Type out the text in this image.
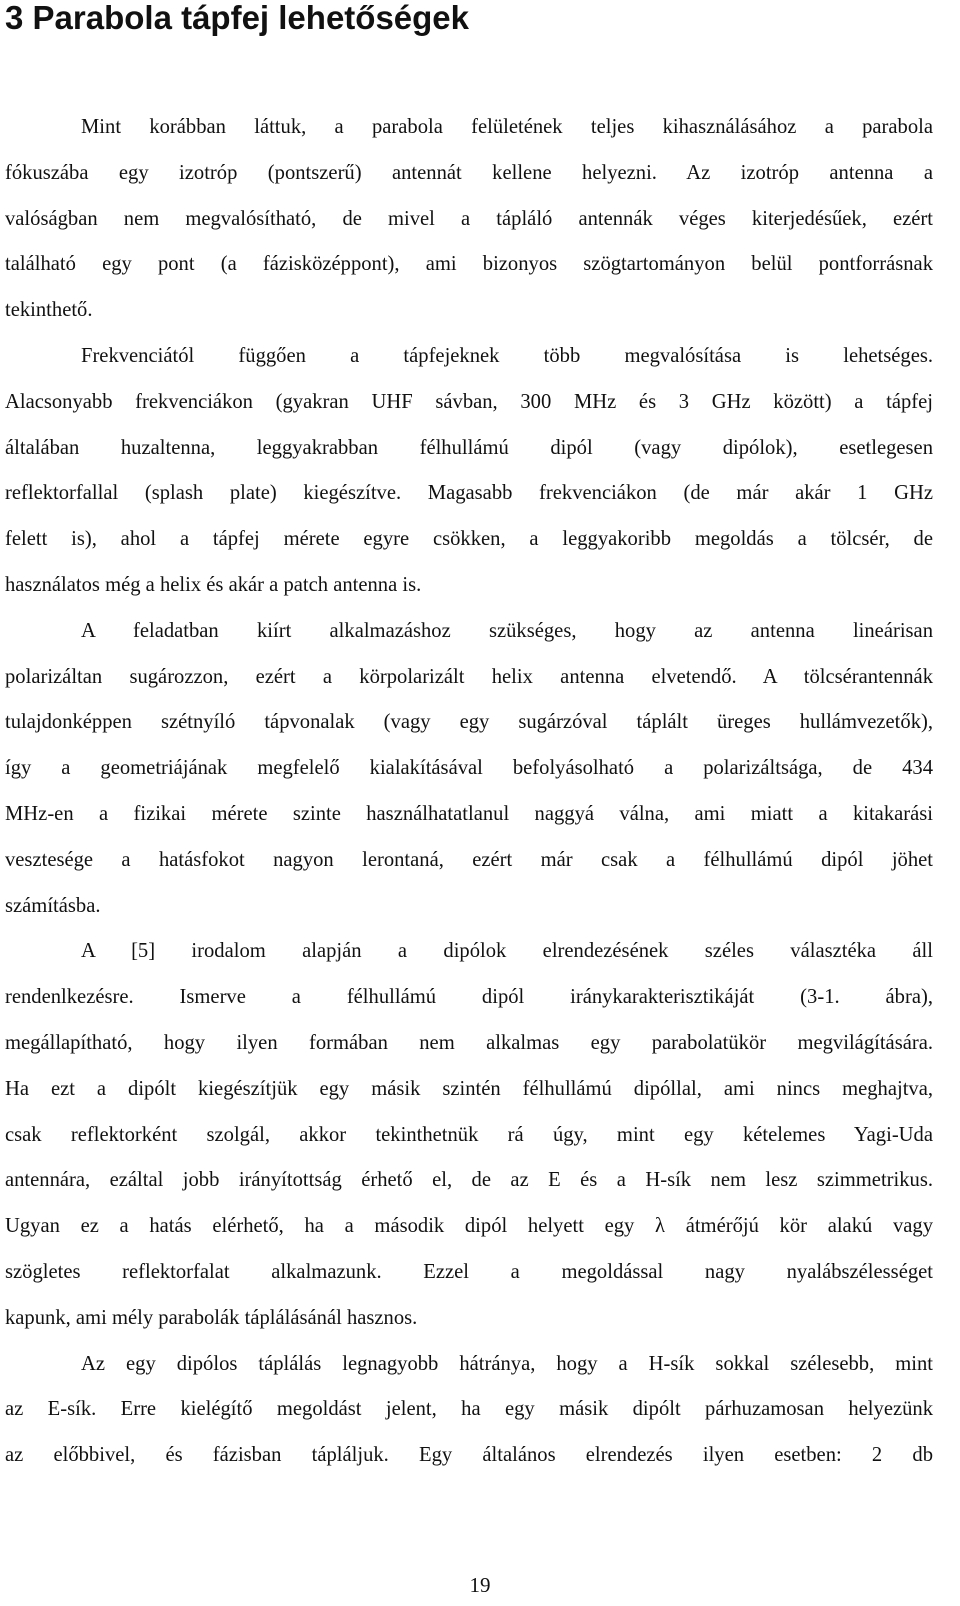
3 Parabola tápfej lehetőségek
Mint korábban láttuk, a parabola felületének teljes kihasználásához a parabola
fókuszába egy izotróp (pontszerű) antennát kellene helyezni. Az izotróp antenna a
valóságban nem megvalósítható, de mivel a tápláló antennák véges kiterjedésűek, ezért
található egy pont (a fázisközéppont), ami bizonyos szögtartományon belül pontforrásnak
tekinthető.
Frekvenciától függően a tápfejeknek több megvalósítása is lehetséges.
Alacsonyabb frekvenciákon (gyakran UHF sávban, 300 MHz és 3 GHz között) a tápfej
általában huzaltenna, leggyakrabban félhullámú dipól (vagy dipólok), esetlegesen
reflektorfallal (splash plate) kiegészítve. Magasabb frekvenciákon (de már akár 1 GHz
felett is), ahol a tápfej mérete egyre csökken, a leggyakoribb megoldás a tölcsér, de
használatos még a helix és akár a patch antenna is.
A feladatban kiírt alkalmazáshoz szükséges, hogy az antenna lineárisan
polarizáltan sugározzon, ezért a körpolarizált helix antenna elvetendő. A tölcsérantennák
tulajdonképpen szétnyíló tápvonalak (vagy egy sugárzóval táplált üreges hullámvezetők),
így a geometriájának megfelelő kialakításával befolyásolható a polarizáltsága, de 434
MHz-en a fizikai mérete szinte használhatatlanul naggyá válna, ami miatt a kitakarási
vesztesége a hatásfokot nagyon lerontaná, ezért már csak a félhullámú dipól jöhet
számításba.
A [5] irodalom alapján a dipólok elrendezésének széles választéka áll
rendenlkezésre. Ismerve a félhullámú dipól iránykarakterisztikáját (3-1. ábra),
megállapítható, hogy ilyen formában nem alkalmas egy parabolatükör megvilágítására.
Ha ezt a dipólt kiegészítjük egy másik szintén félhullámú dipóllal, ami nincs meghajtva,
csak reflektorként szolgál, akkor tekinthetnük rá úgy, mint egy kételemes Yagi-Uda
antennára, ezáltal jobb irányítottság érhető el, de az E és a H-sík nem lesz szimmetrikus.
Ugyan ez a hatás elérhető, ha a második dipól helyett egy λ átmérőjú kör alakú vagy
szögletes reflektorfalat alkalmazunk. Ezzel a megoldással nagy nyalábszélességet
kapunk, ami mély parabolák táplálásánál hasznos.
Az egy dipólos táplálás legnagyobb hátránya, hogy a H-sík sokkal szélesebb, mint
az E-sík. Erre kielégítő megoldást jelent, ha egy másik dipólt párhuzamosan helyezünk
az előbbivel, és fázisban tápláljuk. Egy általános elrendezés ilyen esetben: 2 db
19
